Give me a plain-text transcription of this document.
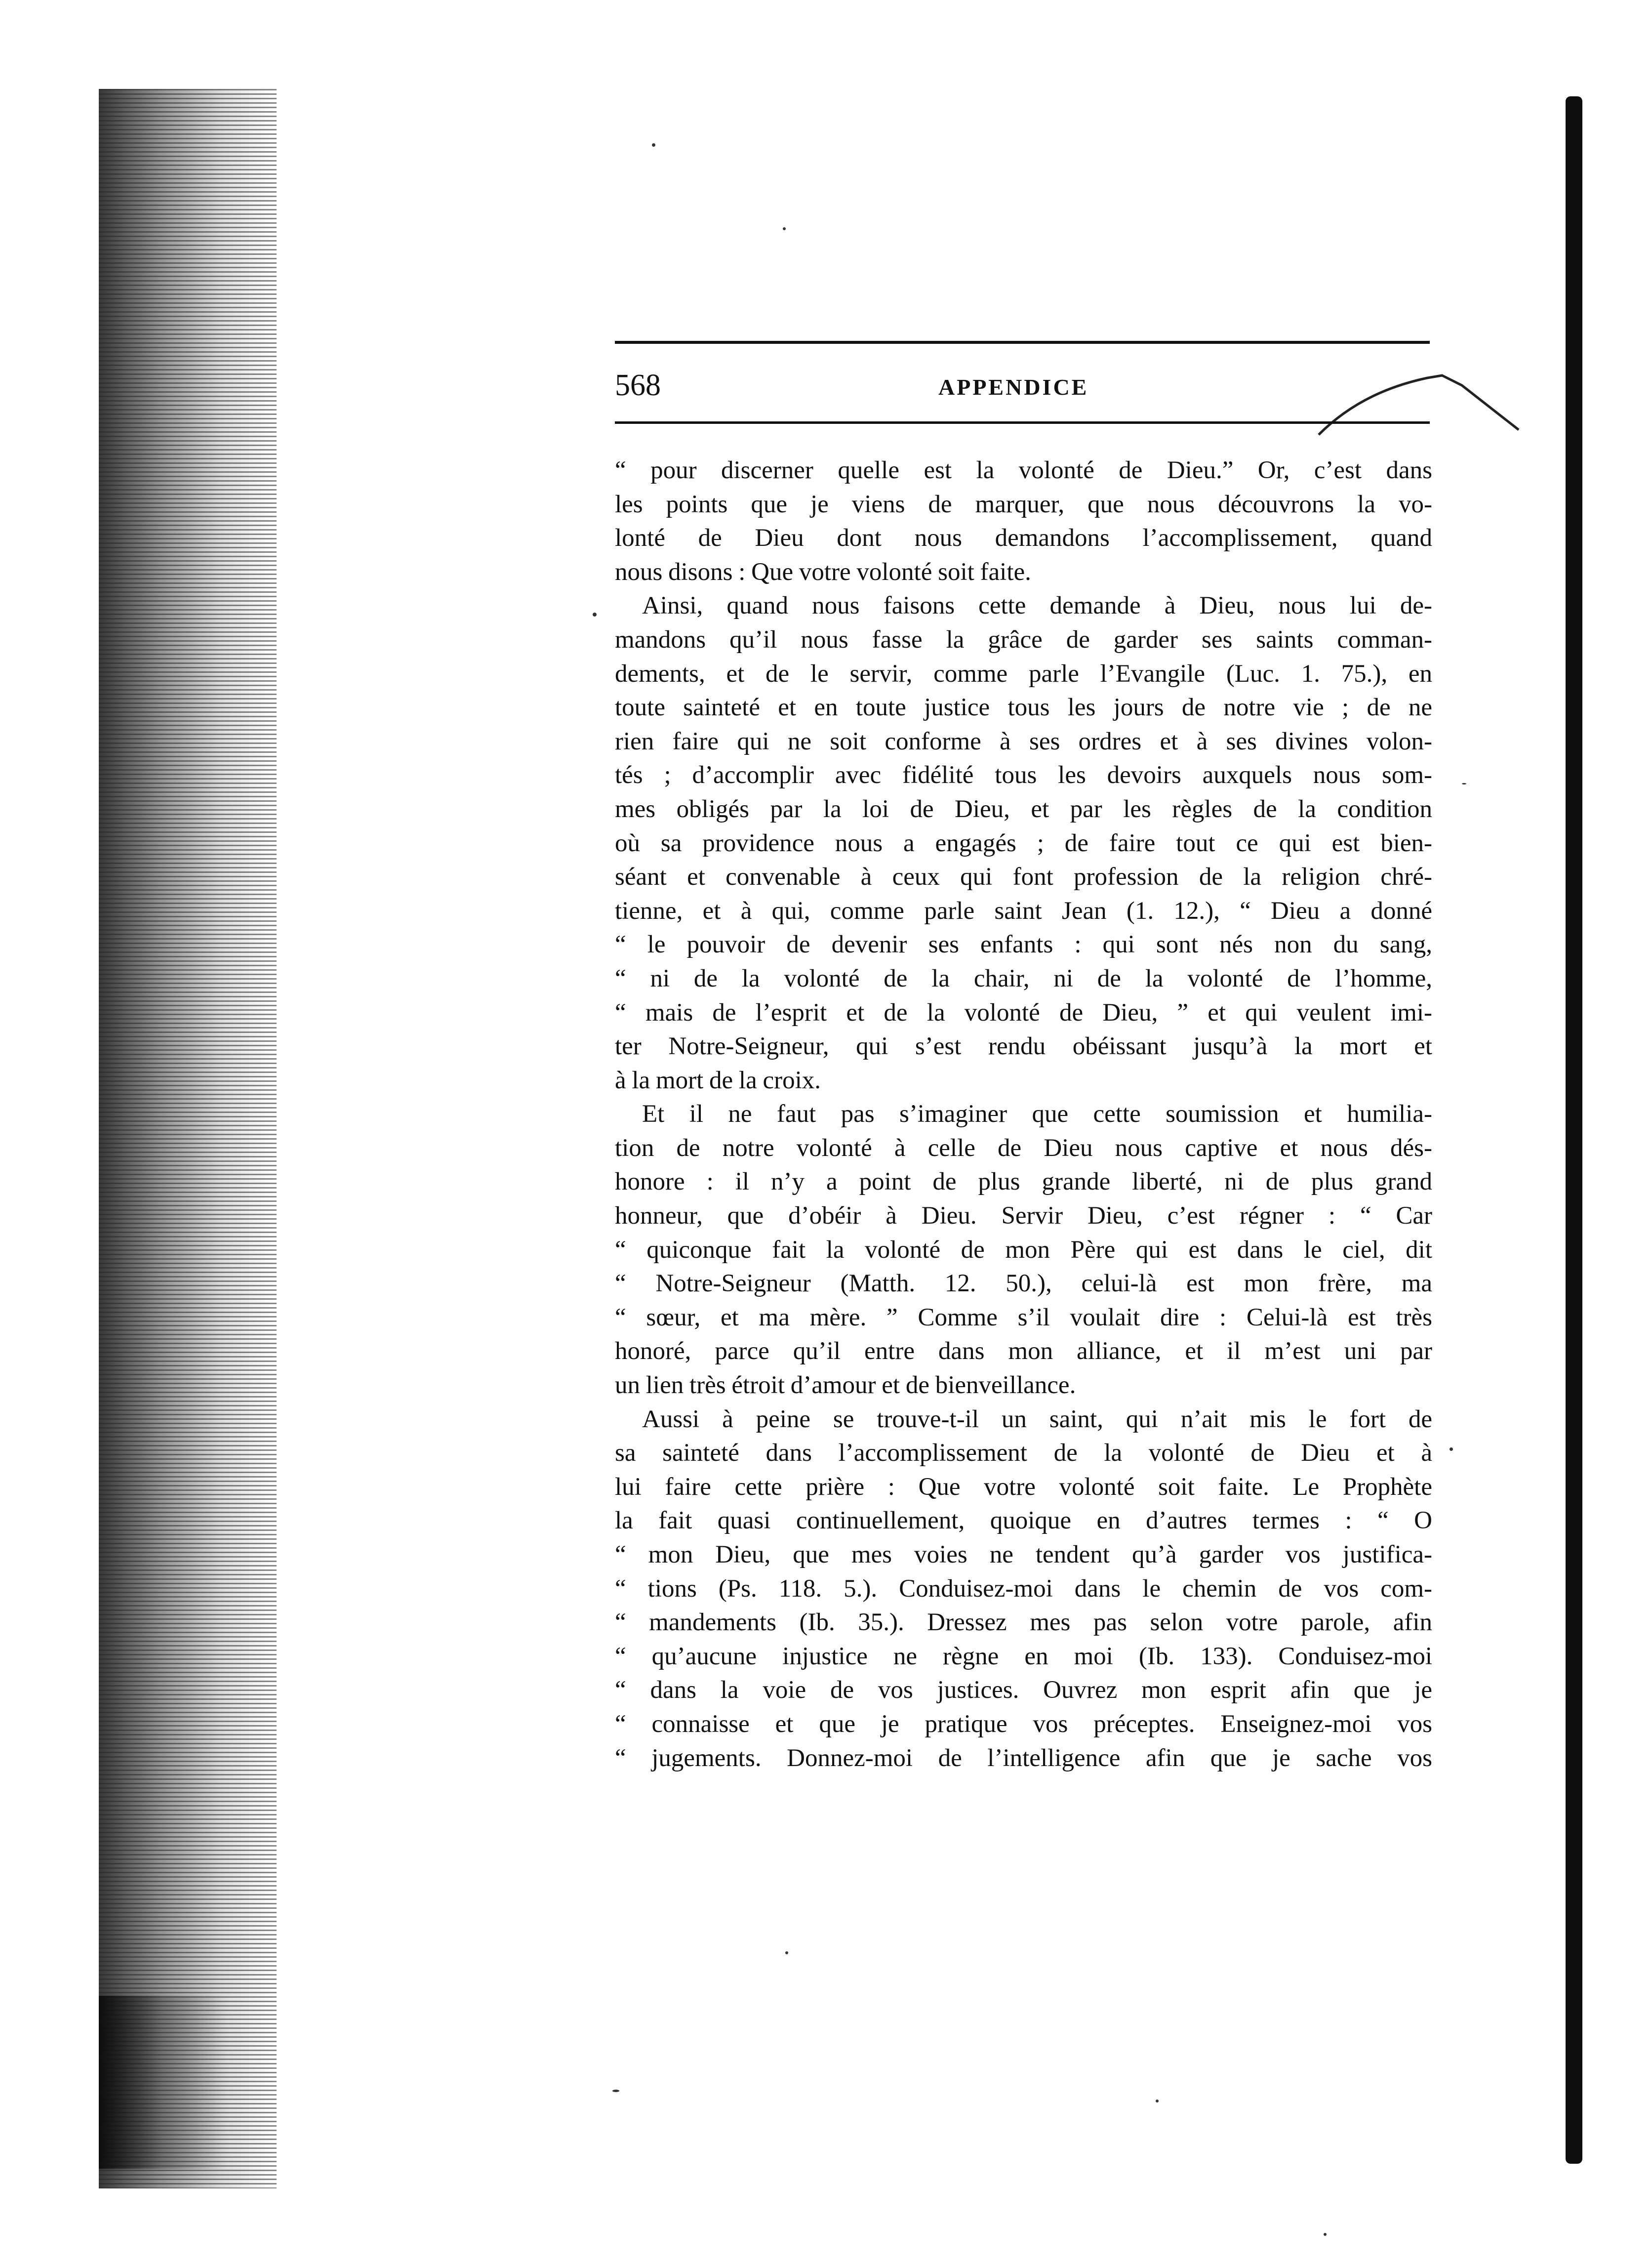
568	APPENDICE
“ pour discerner quelle est la volonté de Dieu.” Or, c’est dans
les points que je viens de marquer, que nous découvrons la vo-
lonté de Dieu dont nous demandons l’accomplissement, quand
nous disons : Que votre volonté soit faite.
Ainsi, quand nous faisons cette demande à Dieu, nous lui de-
mandons qu’il nous fasse la grâce de garder ses saints comman-
dements, et de le servir, comme parle l’Evangile (Luc. 1. 75.), en
toute sainteté et en toute justice tous les jours de notre vie ; de ne
rien faire qui ne soit conforme à ses ordres et à ses divines volon-
tés ; d’accomplir avec fidélité tous les devoirs auxquels nous som-
mes obligés par la loi de Dieu, et par les règles de la condition
où sa providence nous a engagés ; de faire tout ce qui est bien-
séant et convenable à ceux qui font profession de la religion chré-
tienne, et à qui, comme parle saint Jean (1. 12.), “ Dieu a donné
“ le pouvoir de devenir ses enfants : qui sont nés non du sang,
“ ni de la volonté de la chair, ni de la volonté de l’homme,
“ mais de l’esprit et de la volonté de Dieu, ” et qui veulent imi-
ter Notre-Seigneur, qui s’est rendu obéissant jusqu’à la mort et
à la mort de la croix.
Et il ne faut pas s’imaginer que cette soumission et humilia-
tion de notre volonté à celle de Dieu nous captive et nous dés-
honore : il n’y a point de plus grande liberté, ni de plus grand
honneur, que d’obéir à Dieu. Servir Dieu, c’est régner : “ Car
“ quiconque fait la volonté de mon Père qui est dans le ciel, dit
“ Notre-Seigneur (Matth. 12. 50.), celui-là est mon frère, ma
“ sœur, et ma mère. ” Comme s’il voulait dire : Celui-là est très
honoré, parce qu’il entre dans mon alliance, et il m’est uni par
un lien très étroit d’amour et de bienveillance.
Aussi à peine se trouve-t-il un saint, qui n’ait mis le fort de
sa sainteté dans l’accomplissement de la volonté de Dieu et à
lui faire cette prière : Que votre volonté soit faite. Le Prophète
la fait quasi continuellement, quoique en d’autres termes : “ O
“ mon Dieu, que mes voies ne tendent qu’à garder vos justifica-
“ tions (Ps. 118. 5.). Conduisez-moi dans le chemin de vos com-
“ mandements (Ib. 35.). Dressez mes pas selon votre parole, afin
“ qu’aucune injustice ne règne en moi (Ib. 133). Conduisez-moi
“ dans la voie de vos justices. Ouvrez mon esprit afin que je
“ connaisse et que je pratique vos préceptes. Enseignez-moi vos
“ jugements. Donnez-moi de l’intelligence afin que je sache vos
